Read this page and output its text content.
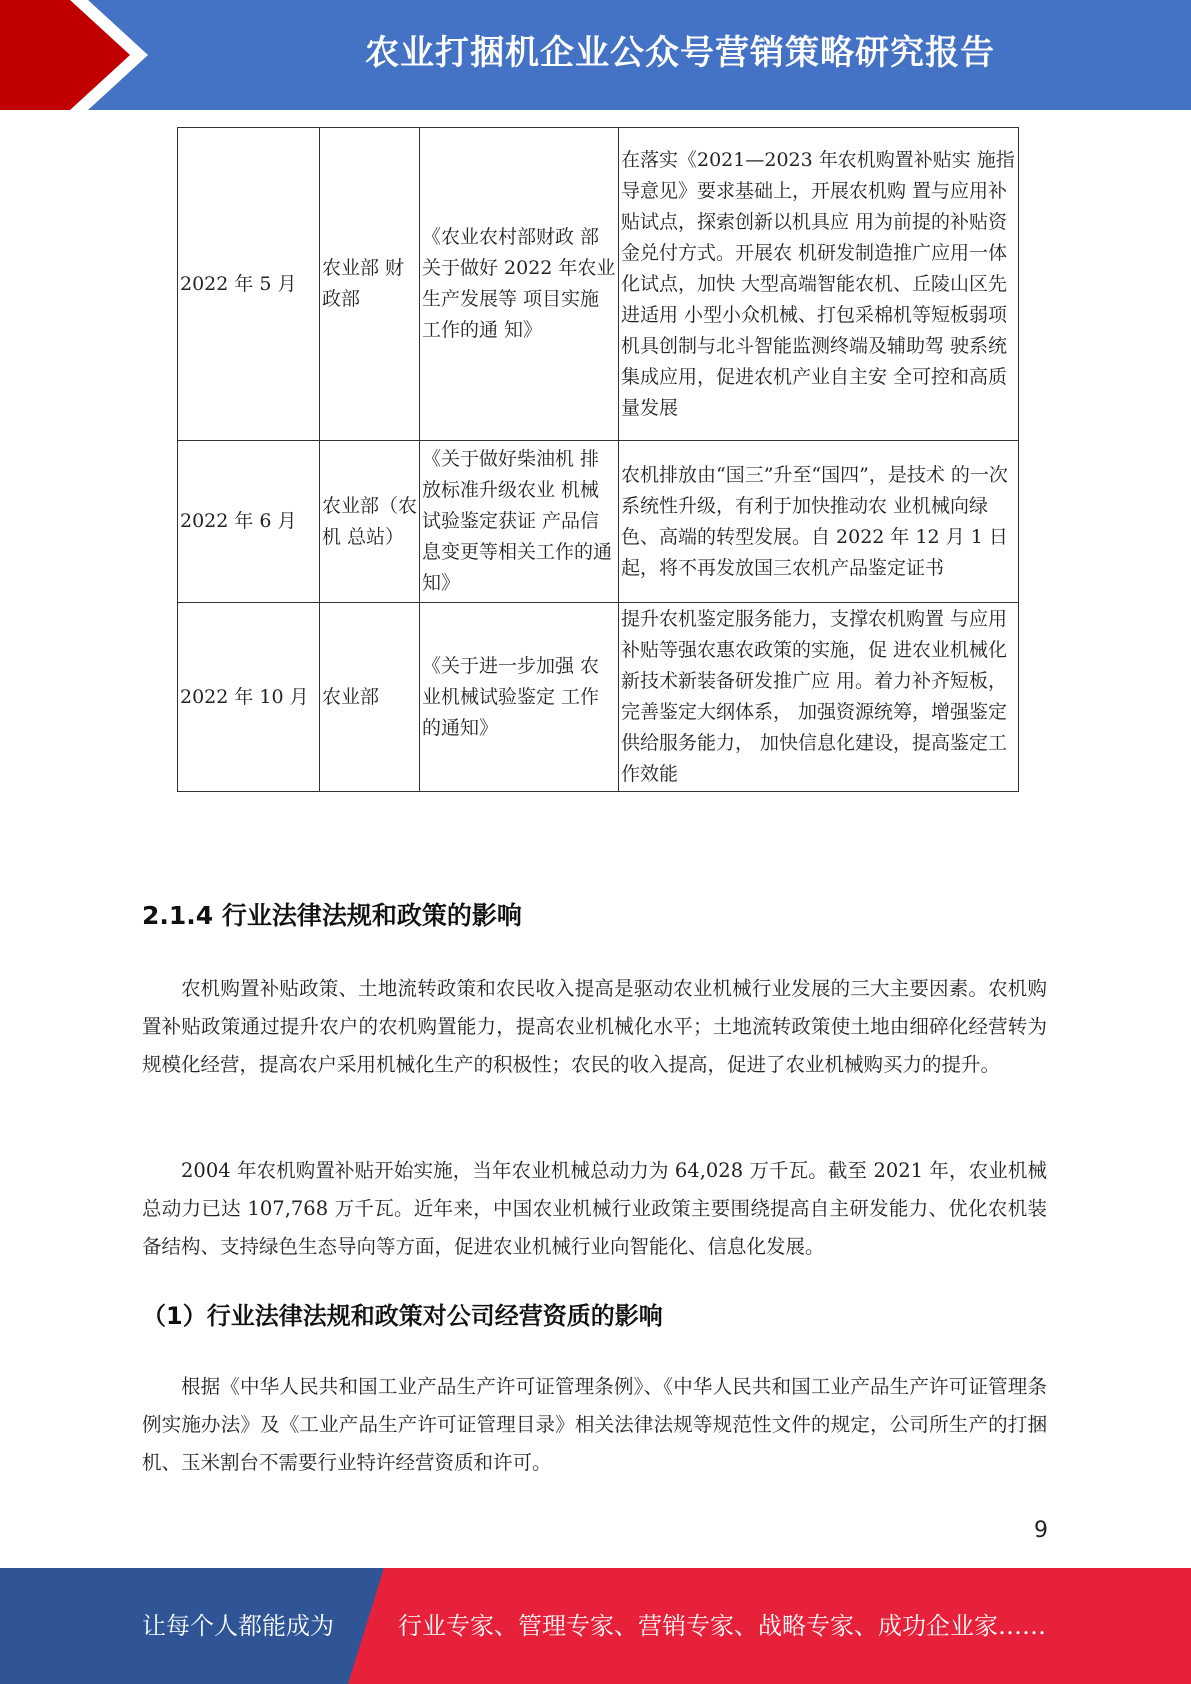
农业打捆机企业公众号营销策略研究报告
2022 年 5 月	农业部 财政部	《农业农村部财政 部关于做好 2022 年农业生产发展等 项目实施工作的通 知》	在落实《2021—2023 年农机购置补贴实 施指导意见》要求基础上，开展农机购 置与应用补贴试点，探索创新以机具应 用为前提的补贴资金兑付方式。开展农 机研发制造推广应用一体化试点，加快 大型高端智能农机、丘陵山区先进适用 小型小众机械、打包采棉机等短板弱项 机具创制与北斗智能监测终端及辅助驾 驶系统集成应用，促进农机产业自主安 全可控和高质量发展
2022 年 6 月	农业部（农机 总站）	《关于做好柴油机 排放标准升级农业 机械试验鉴定获证 产品信息变更等相关工作的通知》	农机排放由“国三”升至“国四”，是技术 的一次系统性升级，有利于加快推动农 业机械向绿色、高端的转型发展。自 2022 年 12 月 1 日起，将不再发放国三农机产品鉴定证书
2022 年 10 月	农业部	《关于进一步加强 农业机械试验鉴定 工作的通知》	提升农机鉴定服务能力，支撑农机购置 与应用补贴等强农惠农政策的实施，促 进农业机械化新技术新装备研发推广应 用。着力补齐短板，完善鉴定大纲体系， 加强资源统筹，增强鉴定供给服务能力， 加快信息化建设，提高鉴定工作效能
2.1.4 行业法律法规和政策的影响
农机购置补贴政策、土地流转政策和农民收入提高是驱动农业机械行业发展的三大主要因素。农机购置补贴政策通过提升农户的农机购置能力，提高农业机械化水平；土地流转政策使土地由细碎化经营转为规模化经营，提高农户采用机械化生产的积极性；农民的收入提高，促进了农业机械购买力的提升。
2004 年农机购置补贴开始实施，当年农业机械总动力为 64,028 万千瓦。截至 2021 年，农业机械总动力已达 107,768 万千瓦。近年来，中国农业机械行业政策主要围绕提高自主研发能力、优化农机装备结构、支持绿色生态导向等方面，促进农业机械行业向智能化、信息化发展。
（1）行业法律法规和政策对公司经营资质的影响
根据《中华人民共和国工业产品生产许可证管理条例》、《中华人民共和国工业产品生产许可证管理条例实施办法》及《工业产品生产许可证管理目录》相关法律法规等规范性文件的规定，公司所生产的打捆机、玉米割台不需要行业特许经营资质和许可。
9
让每个人都能成为	行业专家、管理专家、营销专家、战略专家、成功企业家……
